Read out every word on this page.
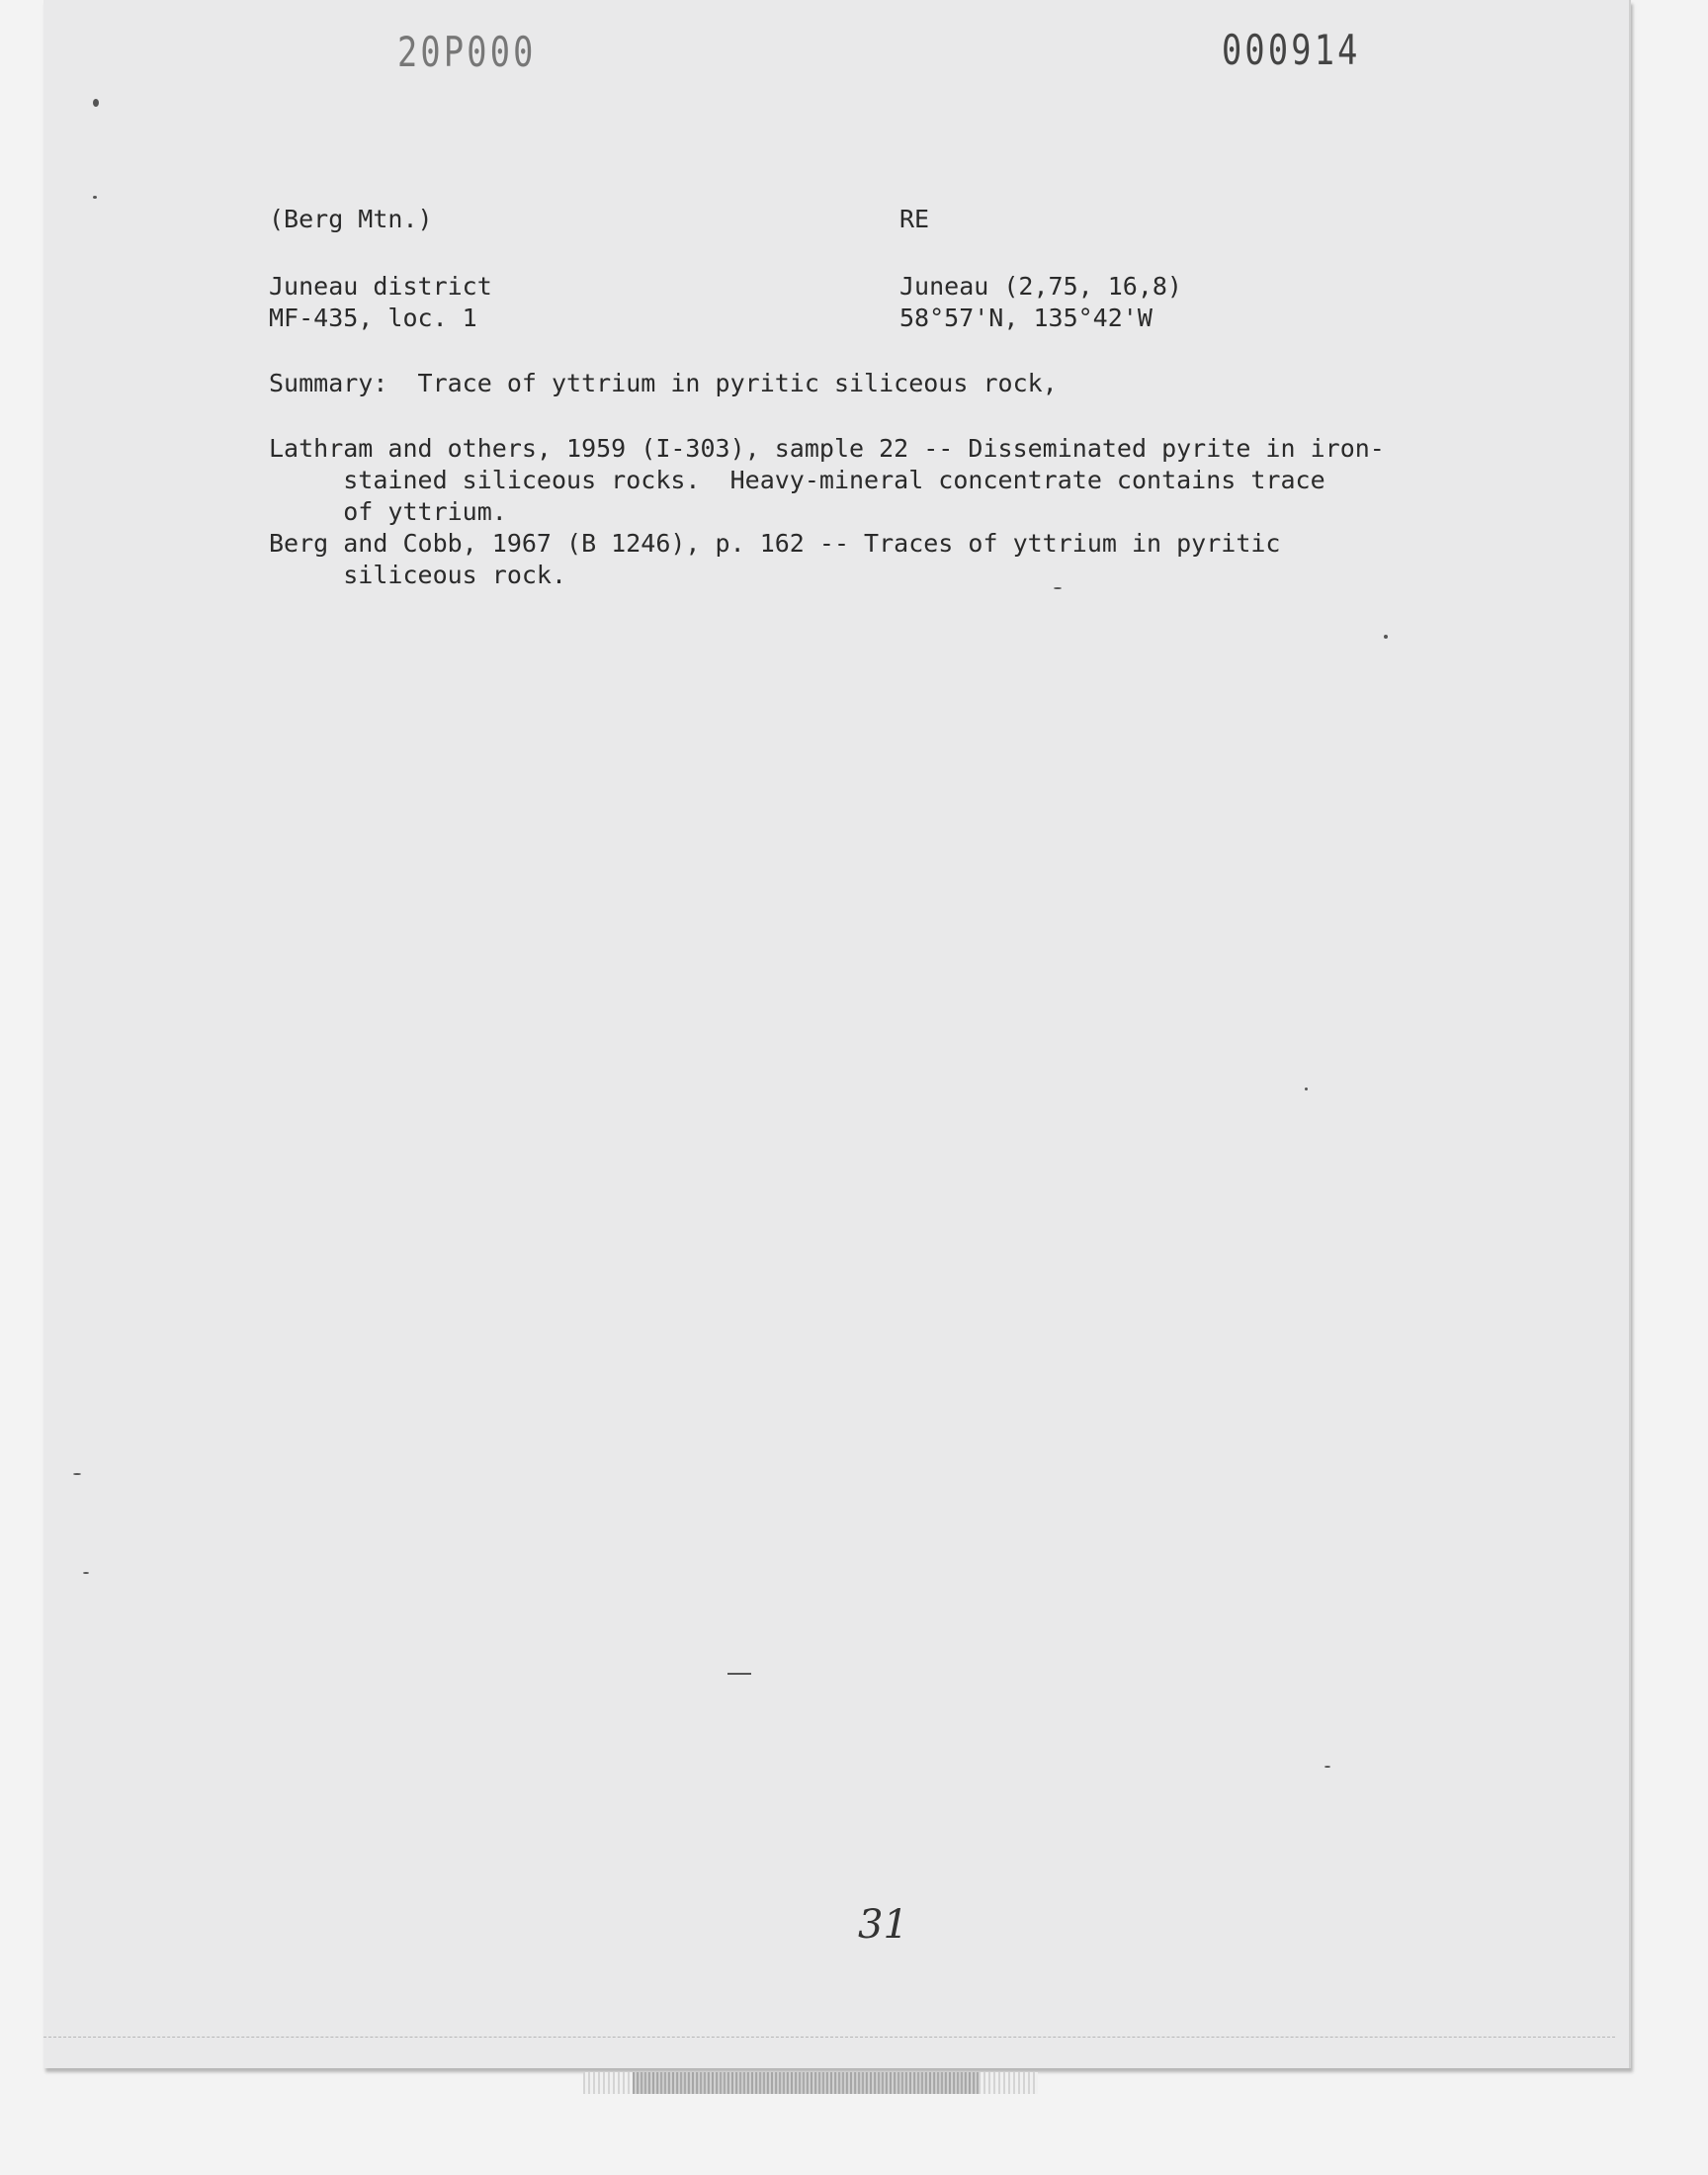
20P000	000914
(Berg Mtn.)	RE
Juneau district	Juneau (2,75, 16,8)
MF-435, loc. 1	58°57'N, 135°42'W
Summary:  Trace of yttrium in pyritic siliceous rock,
Lathram and others, 1959 (I-303), sample 22 -- Disseminated pyrite in iron-
stained siliceous rocks.  Heavy-mineral concentrate contains trace
of yttrium.
Berg and Cobb, 1967 (B 1246), p. 162 -- Traces of yttrium in pyritic
siliceous rock.
31
